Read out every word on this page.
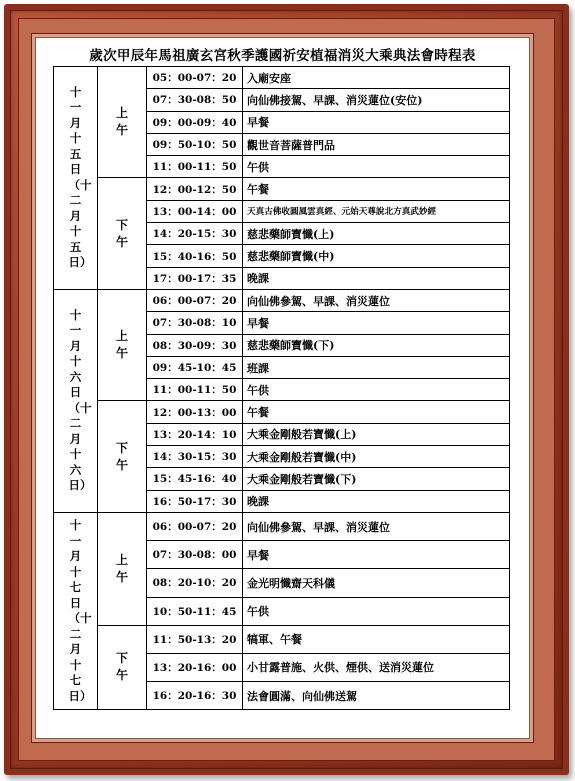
歲次甲辰年馬祖廣玄宮秋季護國祈安植福消災大乘典法會時程表
十一月十五日（十二月十五日）	上午	05：00-07：20	入廟安座
		07：30-08：50	向仙佛接駕、早課、消災蓮位(安位)
		09：00-09：40	早餐
		09：50-10：50	觀世音菩薩普門品
		11：00-11：50	午供
	下午	12：00-12：50	午餐
		13：00-14：00	天真古佛收圓風雲真經、元始天尊說北方真武妙經
		14：20-15：30	慈悲藥師寶懺(上)
		15：40-16：50	慈悲藥師寶懺(中)
		17：00-17：35	晚課
十一月十六日（十二月十六日）	上午	06：00-07：20	向仙佛參駕、早課、消災蓮位
		07：30-08：10	早餐
		08：30-09：30	慈悲藥師寶懺(下)
		09：45-10：45	班課
		11：00-11：50	午供
	下午	12：00-13：00	午餐
		13：20-14：10	大乘金剛般若寶懺(上)
		14：30-15：30	大乘金剛般若寶懺(中)
		15：45-16：40	大乘金剛般若寶懺(下)
		16：50-17：30	晚課
十一月十七日（十二月十七日）	上午	06：00-07：20	向仙佛參駕、早課、消災蓮位
		07：30-08：00	早餐
		08：20-10：20	金光明懺齋天科儀
		10：50-11：45	午供
	下午	11：50-13：20	犒軍、午餐
		13：20-16：00	小甘露普施、火供、煙供、送消災蓮位
		16：20-16：30	法會圓滿、向仙佛送駕
